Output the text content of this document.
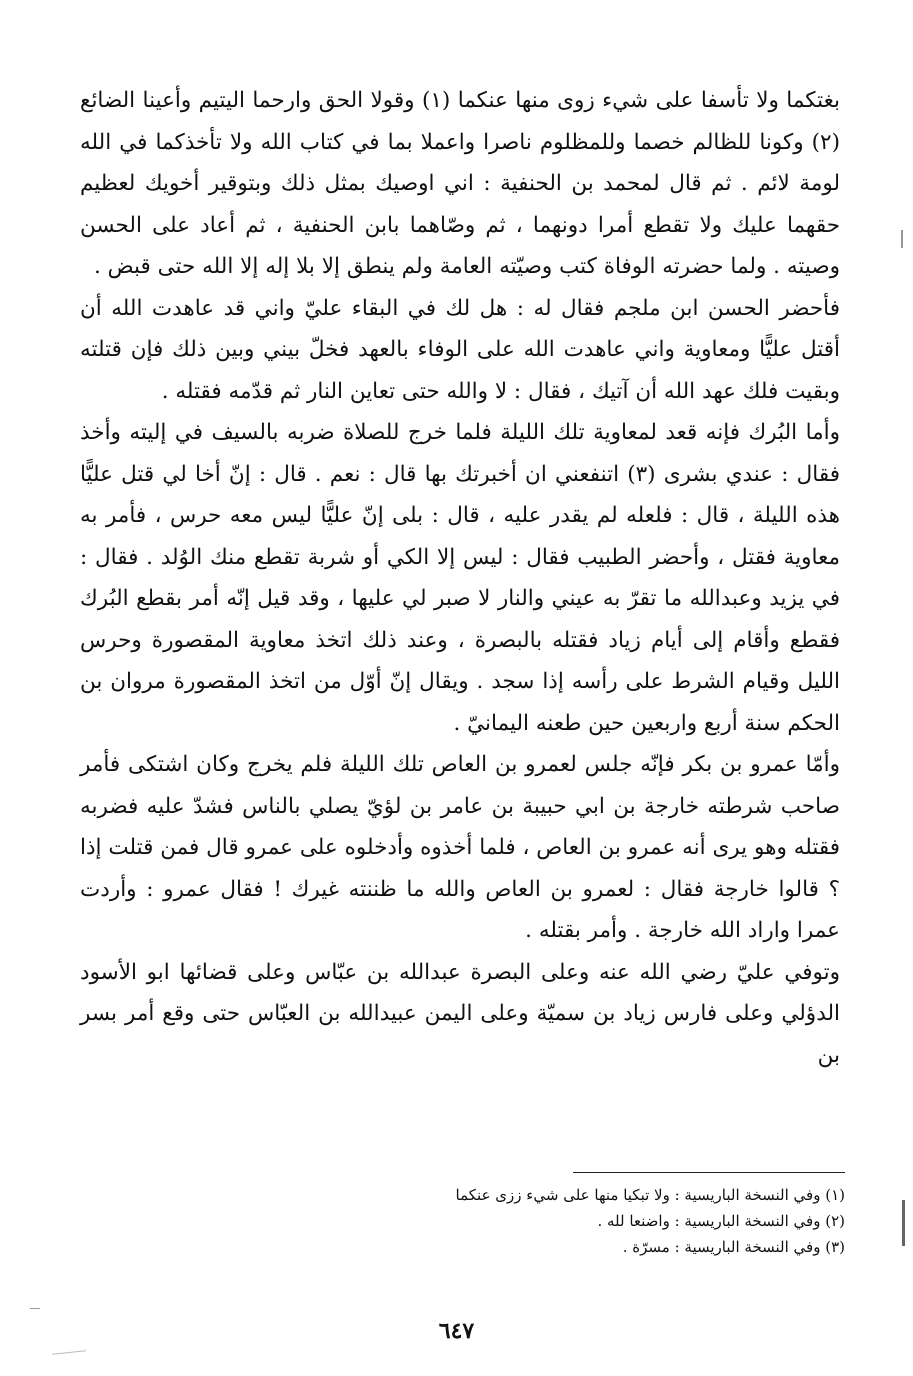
بغتكما ولا تأسفا على شيء زوى منها عنكما (١) وقولا الحق وارحما اليتيم وأعينا الضائع (٢) وكونا للظالم خصما وللمظلوم ناصرا واعملا بما في كتاب الله ولا تأخذكما في الله لومة لائم . ثم قال لمحمد بن الحنفية : اني اوصيك بمثل ذلك وبتوقير أخويك لعظيم حقهما عليك ولا تقطع أمرا دونهما ، ثم وصّاهما بابن الحنفية ، ثم أعاد على الحسن وصيته . ولما حضرته الوفاة كتب وصيّته العامة ولم ينطق إلا بلا إله إلا الله حتى قبض .

فأحضر الحسن ابن ملجم فقال له : هل لك في البقاء عليّ واني قد عاهدت الله أن أقتل عليًّا ومعاوية واني عاهدت الله على الوفاء بالعهد فخلّ بيني وبين ذلك فإن قتلته وبقيت فلك عهد الله أن آتيك ، فقال : لا والله حتى تعاين النار ثم قدّمه فقتله .

وأما البُرك فإنه قعد لمعاوية تلك الليلة فلما خرج للصلاة ضربه بالسيف في إليته وأخذ فقال : عندي بشرى (٣) اتنفعني ان أخبرتك بها قال : نعم . قال : إنّ أخا لي قتل عليًّا هذه الليلة ، قال : فلعله لم يقدر عليه ، قال : بلى إنّ عليًّا ليس معه حرس ، فأمر به معاوية فقتل ، وأحضر الطبيب فقال : ليس إلا الكي أو شربة تقطع منك الوُلد . فقال : في يزيد وعبدالله ما تقرّ به عيني والنار لا صبر لي عليها ، وقد قيل إنّه أمر بقطع البُرك فقطع وأقام إلى أيام زياد فقتله بالبصرة ، وعند ذلك اتخذ معاوية المقصورة وحرس الليل وقيام الشرط على رأسه إذا سجد . ويقال إنّ أوّل من اتخذ المقصورة مروان بن الحكم سنة أربع واربعين حين طعنه اليمانيّ .

وأمّا عمرو بن بكر فإنّه جلس لعمرو بن العاص تلك الليلة فلم يخرج وكان اشتكى فأمر صاحب شرطته خارجة بن ابي حبيبة بن عامر بن لؤيّ يصلي بالناس فشدّ عليه فضربه فقتله وهو يرى أنه عمرو بن العاص ، فلما أخذوه وأدخلوه على عمرو قال فمن قتلت إذا ؟ قالوا خارجة فقال : لعمرو بن العاص والله ما ظننته غيرك ! فقال عمرو : وأردت عمرا واراد الله خارجة . وأمر بقتله .

وتوفي عليّ رضي الله عنه وعلى البصرة عبدالله بن عبّاس وعلى قضائها ابو الأسود الدؤلي وعلى فارس زياد بن سميّة وعلى اليمن عبيدالله بن العبّاس حتى وقع أمر بسر بن

(١) وفي النسخة الباريسية : ولا تبكيا منها على شيء ززى عنكما

(٢) وفي النسخة الباريسية : واضنعا لله .

(٣) وفي النسخة الباريسية : مسرّة .

٦٤٧
